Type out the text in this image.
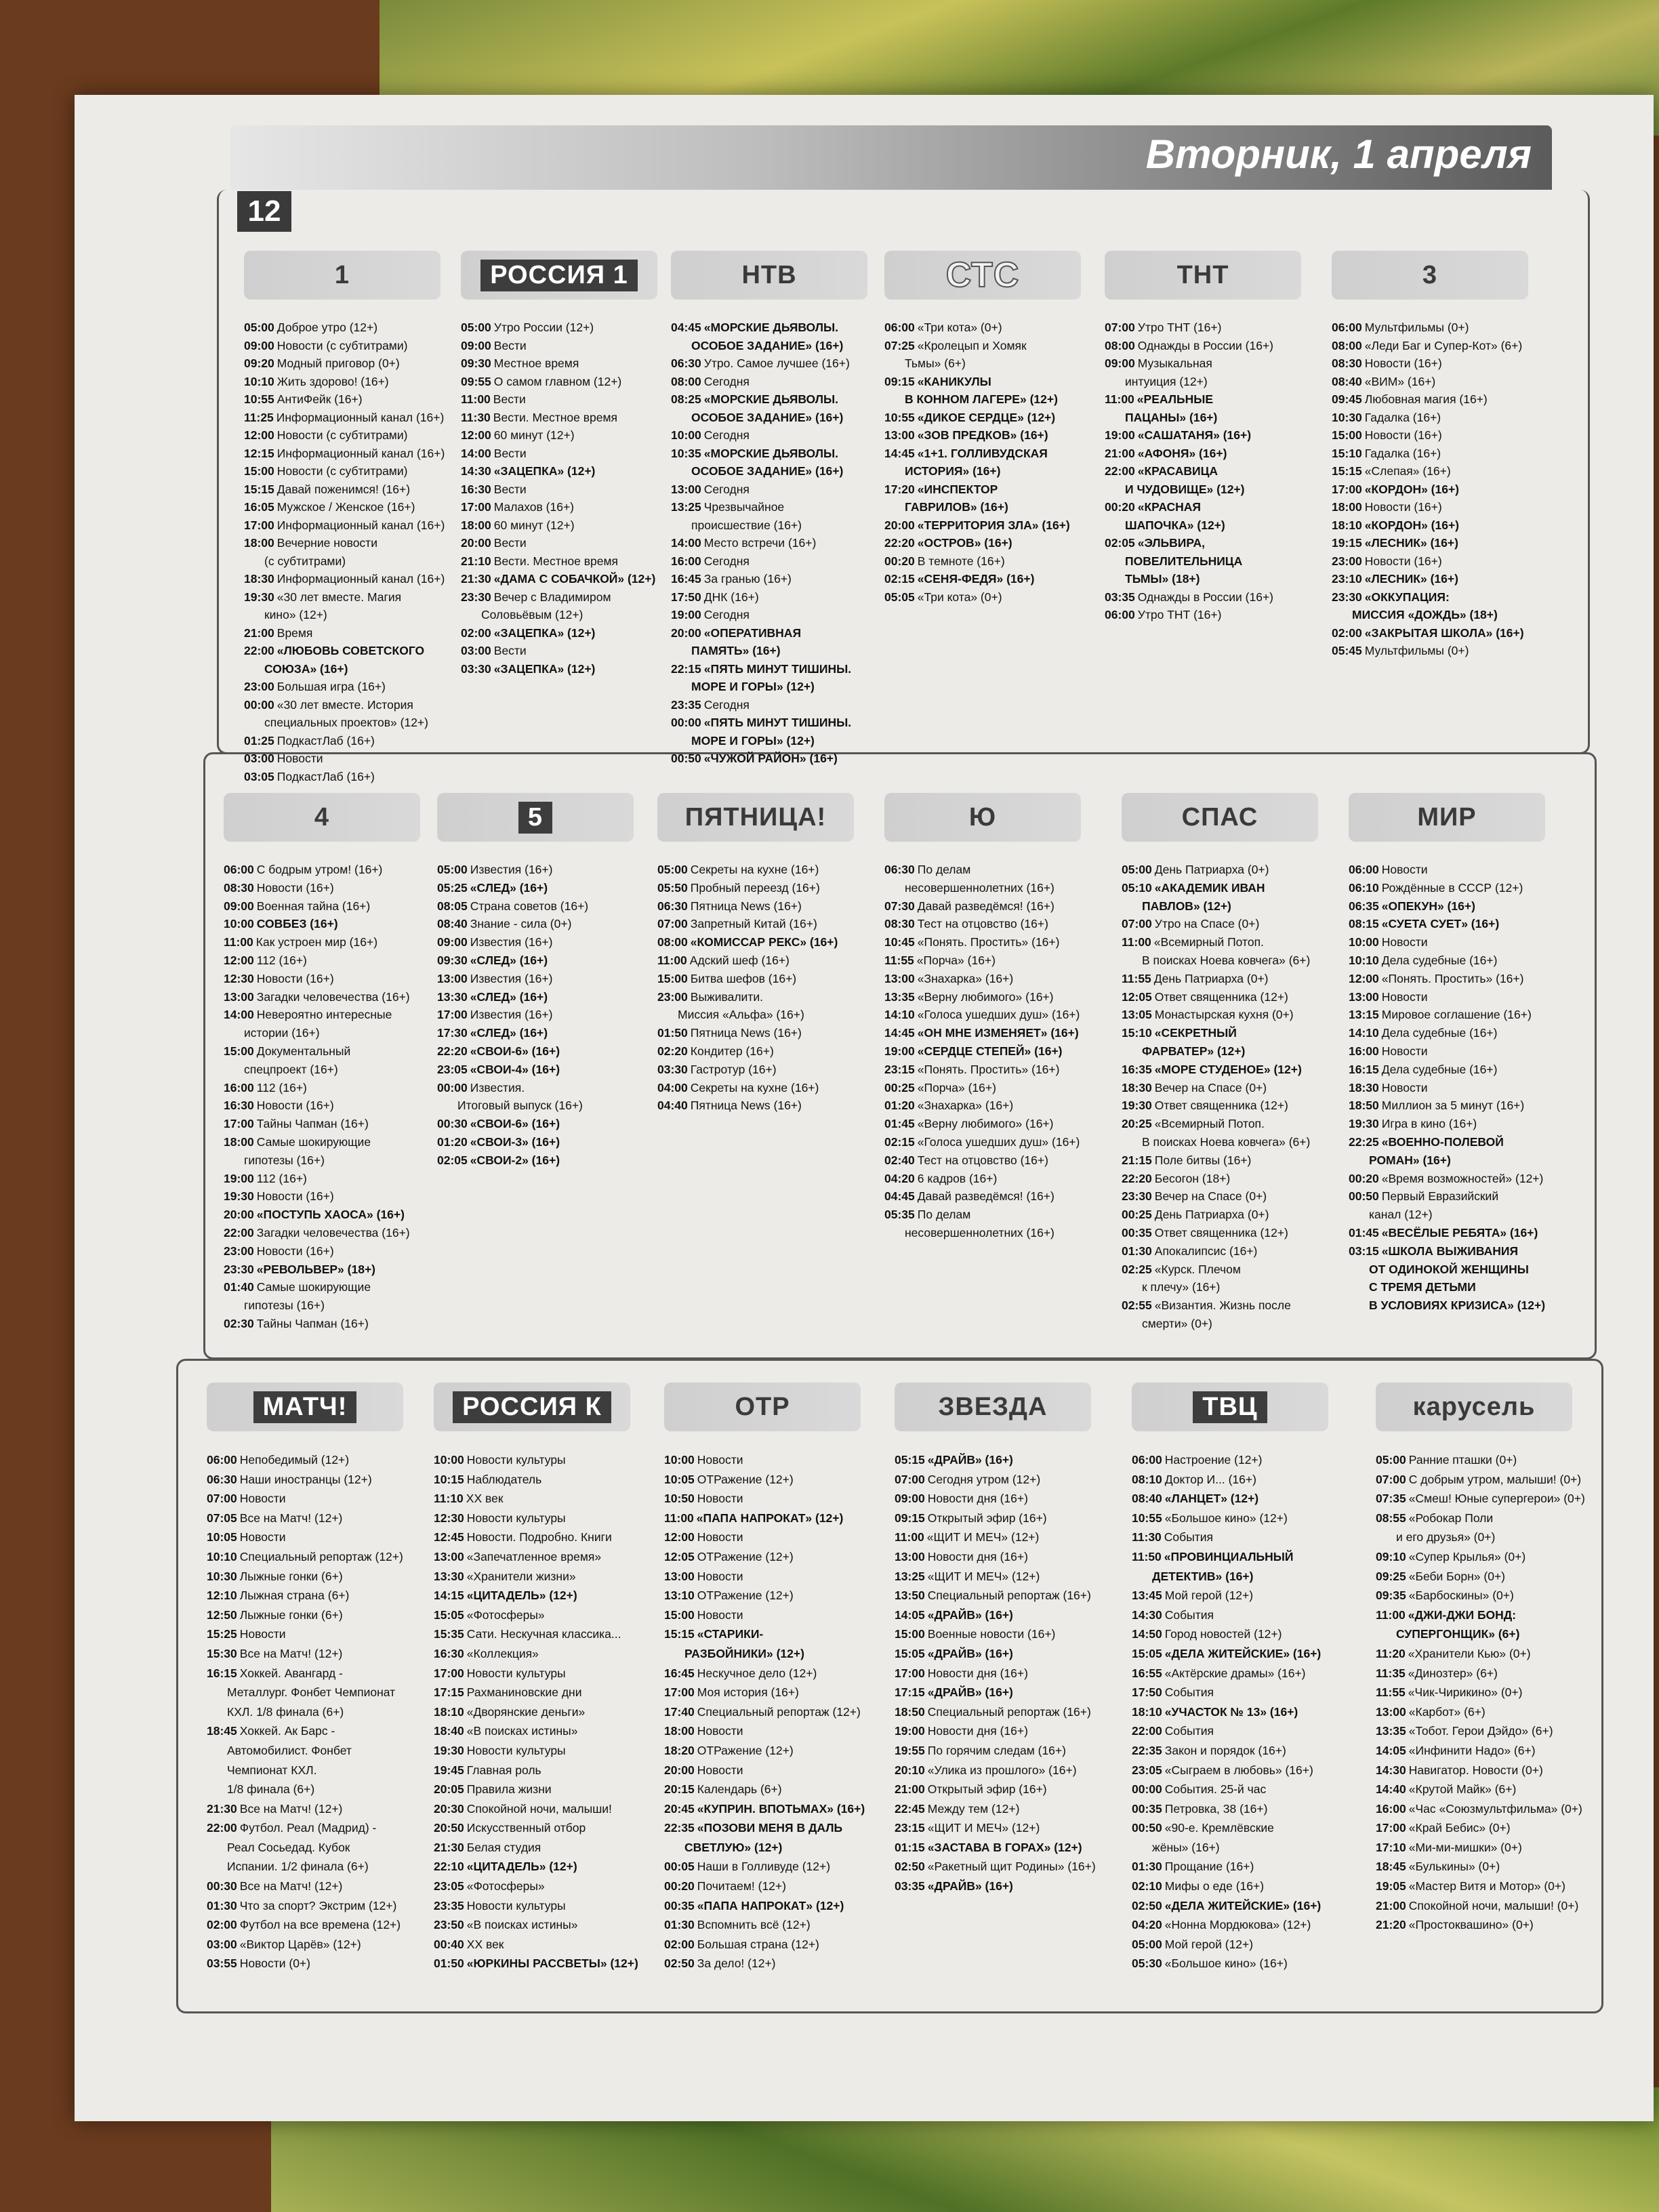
Вторник, 1 апреля
12
1
05:00 Доброе утро (12+)
09:00 Новости (с субтитрами)
09:20 Модный приговор (0+)
10:10 Жить здорово! (16+)
10:55 АнтиФейк (16+)
11:25 Информационный канал (16+)
12:00 Новости (с субтитрами)
12:15 Информационный канал (16+)
15:00 Новости (с субтитрами)
15:15 Давай поженимся! (16+)
16:05 Мужское / Женское (16+)
17:00 Информационный канал (16+)
18:00 Вечерние новости
(с субтитрами)
18:30 Информационный канал (16+)
19:30 «30 лет вместе. Магия
кино» (12+)
21:00 Время
22:00 «ЛЮБОВЬ СОВЕТСКОГО
СОЮЗА» (16+)
23:00 Большая игра (16+)
00:00 «30 лет вместе. История
специальных проектов» (12+)
01:25 ПодкастЛаб (16+)
03:00 Новости
03:05 ПодкастЛаб (16+)
РОССИЯ 1
05:00 Утро России (12+)
09:00 Вести
09:30 Местное время
09:55 О самом главном (12+)
11:00 Вести
11:30 Вести. Местное время
12:00 60 минут (12+)
14:00 Вести
14:30 «ЗАЦЕПКА» (12+)
16:30 Вести
17:00 Малахов (16+)
18:00 60 минут (12+)
20:00 Вести
21:10 Вести. Местное время
21:30 «ДАМА С СОБАЧКОЙ» (12+)
23:30 Вечер с Владимиром
Соловьёвым (12+)
02:00 «ЗАЦЕПКА» (12+)
03:00 Вести
03:30 «ЗАЦЕПКА» (12+)
НТВ
04:45 «МОРСКИЕ ДЬЯВОЛЫ.
ОСОБОЕ ЗАДАНИЕ» (16+)
06:30 Утро. Самое лучшее (16+)
08:00 Сегодня
08:25 «МОРСКИЕ ДЬЯВОЛЫ.
ОСОБОЕ ЗАДАНИЕ» (16+)
10:00 Сегодня
10:35 «МОРСКИЕ ДЬЯВОЛЫ.
ОСОБОЕ ЗАДАНИЕ» (16+)
13:00 Сегодня
13:25 Чрезвычайное
происшествие (16+)
14:00 Место встречи (16+)
16:00 Сегодня
16:45 За гранью (16+)
17:50 ДНК (16+)
19:00 Сегодня
20:00 «ОПЕРАТИВНАЯ
ПАМЯТЬ» (16+)
22:15 «ПЯТЬ МИНУТ ТИШИНЫ.
МОРЕ И ГОРЫ» (12+)
23:35 Сегодня
00:00 «ПЯТЬ МИНУТ ТИШИНЫ.
МОРЕ И ГОРЫ» (12+)
00:50 «ЧУЖОЙ РАЙОН» (16+)
СТС
06:00 «Три кота» (0+)
07:25 «Кролецып и Хомяк
Тьмы» (6+)
09:15 «КАНИКУЛЫ
В КОННОМ ЛАГЕРЕ» (12+)
10:55 «ДИКОЕ СЕРДЦЕ» (12+)
13:00 «ЗОВ ПРЕДКОВ» (16+)
14:45 «1+1. ГОЛЛИВУДСКАЯ
ИСТОРИЯ» (16+)
17:20 «ИНСПЕКТОР
ГАВРИЛОВ» (16+)
20:00 «ТЕРРИТОРИЯ ЗЛА» (16+)
22:20 «ОСТРОВ» (16+)
00:20 В темноте (16+)
02:15 «СЕНЯ-ФЕДЯ» (16+)
05:05 «Три кота» (0+)
ТНТ
07:00 Утро ТНТ (16+)
08:00 Однажды в России (16+)
09:00 Музыкальная
интуиция (12+)
11:00 «РЕАЛЬНЫЕ
ПАЦАНЫ» (16+)
19:00 «САШАТАНЯ» (16+)
21:00 «АФОНЯ» (16+)
22:00 «КРАСАВИЦА
И ЧУДОВИЩЕ» (12+)
00:20 «КРАСНАЯ
ШАПОЧКА» (12+)
02:05 «ЭЛЬВИРА,
ПОВЕЛИТЕЛЬНИЦА
ТЬМЫ» (18+)
03:35 Однажды в России (16+)
06:00 Утро ТНТ (16+)
3
06:00 Мультфильмы (0+)
08:00 «Леди Баг и Супер-Кот» (6+)
08:30 Новости (16+)
08:40 «ВИМ» (16+)
09:45 Любовная магия (16+)
10:30 Гадалка (16+)
15:00 Новости (16+)
15:10 Гадалка (16+)
15:15 «Слепая» (16+)
17:00 «КОРДОН» (16+)
18:00 Новости (16+)
18:10 «КОРДОН» (16+)
19:15 «ЛЕСНИК» (16+)
23:00 Новости (16+)
23:10 «ЛЕСНИК» (16+)
23:30 «ОККУПАЦИЯ:
МИССИЯ «ДОЖДЬ» (18+)
02:00 «ЗАКРЫТАЯ ШКОЛА» (16+)
05:45 Мультфильмы (0+)
4
06:00 С бодрым утром! (16+)
08:30 Новости (16+)
09:00 Военная тайна (16+)
10:00 СОВБЕЗ (16+)
11:00 Как устроен мир (16+)
12:00 112 (16+)
12:30 Новости (16+)
13:00 Загадки человечества (16+)
14:00 Невероятно интересные
истории (16+)
15:00 Документальный
спецпроект (16+)
16:00 112 (16+)
16:30 Новости (16+)
17:00 Тайны Чапман (16+)
18:00 Самые шокирующие
гипотезы (16+)
19:00 112 (16+)
19:30 Новости (16+)
20:00 «ПОСТУПЬ ХАОСА» (16+)
22:00 Загадки человечества (16+)
23:00 Новости (16+)
23:30 «РЕВОЛЬВЕР» (18+)
01:40 Самые шокирующие
гипотезы (16+)
02:30 Тайны Чапман (16+)
5
05:00 Известия (16+)
05:25 «СЛЕД» (16+)
08:05 Страна советов (16+)
08:40 Знание - сила (0+)
09:00 Известия (16+)
09:30 «СЛЕД» (16+)
13:00 Известия (16+)
13:30 «СЛЕД» (16+)
17:00 Известия (16+)
17:30 «СЛЕД» (16+)
22:20 «СВОИ-6» (16+)
23:05 «СВОИ-4» (16+)
00:00 Известия.
Итоговый выпуск (16+)
00:30 «СВОИ-6» (16+)
01:20 «СВОИ-3» (16+)
02:05 «СВОИ-2» (16+)
ПЯТНИЦА!
05:00 Секреты на кухне (16+)
05:50 Пробный переезд (16+)
06:30 Пятница News (16+)
07:00 Запретный Китай (16+)
08:00 «КОМИССАР РЕКС» (16+)
11:00 Адский шеф (16+)
15:00 Битва шефов (16+)
23:00 Выживалити.
Миссия «Альфа» (16+)
01:50 Пятница News (16+)
02:20 Кондитер (16+)
03:30 Гастротур (16+)
04:00 Секреты на кухне (16+)
04:40 Пятница News (16+)
Ю
06:30 По делам
несовершеннолетних (16+)
07:30 Давай разведёмся! (16+)
08:30 Тест на отцовство (16+)
10:45 «Понять. Простить» (16+)
11:55 «Порча» (16+)
13:00 «Знахарка» (16+)
13:35 «Верну любимого» (16+)
14:10 «Голоса ушедших душ» (16+)
14:45 «ОН МНЕ ИЗМЕНЯЕТ» (16+)
19:00 «СЕРДЦЕ СТЕПЕЙ» (16+)
23:15 «Понять. Простить» (16+)
00:25 «Порча» (16+)
01:20 «Знахарка» (16+)
01:45 «Верну любимого» (16+)
02:15 «Голоса ушедших душ» (16+)
02:40 Тест на отцовство (16+)
04:20 6 кадров (16+)
04:45 Давай разведёмся! (16+)
05:35 По делам
несовершеннолетних (16+)
СПАС
05:00 День Патриарха (0+)
05:10 «АКАДЕМИК ИВАН
ПАВЛОВ» (12+)
07:00 Утро на Спасе (0+)
11:00 «Всемирный Потоп.
В поисках Ноева ковчега» (6+)
11:55 День Патриарха (0+)
12:05 Ответ священника (12+)
13:05 Монастырская кухня (0+)
15:10 «СЕКРЕТНЫЙ
ФАРВАТЕР» (12+)
16:35 «МОРЕ СТУДЕНОЕ» (12+)
18:30 Вечер на Спасе (0+)
19:30 Ответ священника (12+)
20:25 «Всемирный Потоп.
В поисках Ноева ковчега» (6+)
21:15 Поле битвы (16+)
22:20 Бесогон (18+)
23:30 Вечер на Спасе (0+)
00:25 День Патриарха (0+)
00:35 Ответ священника (12+)
01:30 Апокалипсис (16+)
02:25 «Курск. Плечом
к плечу» (16+)
02:55 «Византия. Жизнь после
смерти» (0+)
МИР
06:00 Новости
06:10 Рождённые в СССР (12+)
06:35 «ОПЕКУН» (16+)
08:15 «СУЕТА СУЕТ» (16+)
10:00 Новости
10:10 Дела судебные (16+)
12:00 «Понять. Простить» (16+)
13:00 Новости
13:15 Мировое соглашение (16+)
14:10 Дела судебные (16+)
16:00 Новости
16:15 Дела судебные (16+)
18:30 Новости
18:50 Миллион за 5 минут (16+)
19:30 Игра в кино (16+)
22:25 «ВОЕННО-ПОЛЕВОЙ
РОМАН» (16+)
00:20 «Время возможностей» (12+)
00:50 Первый Евразийский
канал (12+)
01:45 «ВЕСЁЛЫЕ РЕБЯТА» (16+)
03:15 «ШКОЛА ВЫЖИВАНИЯ
ОТ ОДИНОКОЙ ЖЕНЩИНЫ
С ТРЕМЯ ДЕТЬМИ
В УСЛОВИЯХ КРИЗИСА» (12+)
МАТЧ!
06:00 Непобедимый (12+)
06:30 Наши иностранцы (12+)
07:00 Новости
07:05 Все на Матч! (12+)
10:05 Новости
10:10 Специальный репортаж (12+)
10:30 Лыжные гонки (6+)
12:10 Лыжная страна (6+)
12:50 Лыжные гонки (6+)
15:25 Новости
15:30 Все на Матч! (12+)
16:15 Хоккей. Авангард -
Металлург. Фонбет Чемпионат
КХЛ. 1/8 финала (6+)
18:45 Хоккей. Ак Барс -
Автомобилист. Фонбет
Чемпионат КХЛ.
1/8 финала (6+)
21:30 Все на Матч! (12+)
22:00 Футбол. Реал (Мадрид) -
Реал Сосьедад. Кубок
Испании. 1/2 финала (6+)
00:30 Все на Матч! (12+)
01:30 Что за спорт? Экстрим (12+)
02:00 Футбол на все времена (12+)
03:00 «Виктор Царёв» (12+)
03:55 Новости (0+)
РОССИЯ К
10:00 Новости культуры
10:15 Наблюдатель
11:10 ХХ век
12:30 Новости культуры
12:45 Новости. Подробно. Книги
13:00 «Запечатленное время»
13:30 «Хранители жизни»
14:15 «ЦИТАДЕЛЬ» (12+)
15:05 «Фотосферы»
15:35 Сати. Нескучная классика...
16:30 «Коллекция»
17:00 Новости культуры
17:15 Рахманиновские дни
18:10 «Дворянские деньги»
18:40 «В поисках истины»
19:30 Новости культуры
19:45 Главная роль
20:05 Правила жизни
20:30 Спокойной ночи, малыши!
20:50 Искусственный отбор
21:30 Белая студия
22:10 «ЦИТАДЕЛЬ» (12+)
23:05 «Фотосферы»
23:35 Новости культуры
23:50 «В поисках истины»
00:40 ХХ век
01:50 «ЮРКИНЫ РАССВЕТЫ» (12+)
ОТР
10:00 Новости
10:05 ОТРажение (12+)
10:50 Новости
11:00 «ПАПА НАПРОКАТ» (12+)
12:00 Новости
12:05 ОТРажение (12+)
13:00 Новости
13:10 ОТРажение (12+)
15:00 Новости
15:15 «СТАРИКИ-
РАЗБОЙНИКИ» (12+)
16:45 Нескучное дело (12+)
17:00 Моя история (16+)
17:40 Специальный репортаж (12+)
18:00 Новости
18:20 ОТРажение (12+)
20:00 Новости
20:15 Календарь (6+)
20:45 «КУПРИН. ВПОТЬМАХ» (16+)
22:35 «ПОЗОВИ МЕНЯ В ДАЛЬ
СВЕТЛУЮ» (12+)
00:05 Наши в Голливуде (12+)
00:20 Почитаем! (12+)
00:35 «ПАПА НАПРОКАТ» (12+)
01:30 Вспомнить всё (12+)
02:00 Большая страна (12+)
02:50 За дело! (12+)
ЗВЕЗДА
05:15 «ДРАЙВ» (16+)
07:00 Сегодня утром (12+)
09:00 Новости дня (16+)
09:15 Открытый эфир (16+)
11:00 «ЩИТ И МЕЧ» (12+)
13:00 Новости дня (16+)
13:25 «ЩИТ И МЕЧ» (12+)
13:50 Специальный репортаж (16+)
14:05 «ДРАЙВ» (16+)
15:00 Военные новости (16+)
15:05 «ДРАЙВ» (16+)
17:00 Новости дня (16+)
17:15 «ДРАЙВ» (16+)
18:50 Специальный репортаж (16+)
19:00 Новости дня (16+)
19:55 По горячим следам (16+)
20:10 «Улика из прошлого» (16+)
21:00 Открытый эфир (16+)
22:45 Между тем (12+)
23:15 «ЩИТ И МЕЧ» (12+)
01:15 «ЗАСТАВА В ГОРАХ» (12+)
02:50 «Ракетный щит Родины» (16+)
03:35 «ДРАЙВ» (16+)
ТВЦ
06:00 Настроение (12+)
08:10 Доктор И... (16+)
08:40 «ЛАНЦЕТ» (12+)
10:55 «Большое кино» (12+)
11:30 События
11:50 «ПРОВИНЦИАЛЬНЫЙ
ДЕТЕКТИВ» (16+)
13:45 Мой герой (12+)
14:30 События
14:50 Город новостей (12+)
15:05 «ДЕЛА ЖИТЕЙСКИЕ» (16+)
16:55 «Актёрские драмы» (16+)
17:50 События
18:10 «УЧАСТОК № 13» (16+)
22:00 События
22:35 Закон и порядок (16+)
23:05 «Сыграем в любовь» (16+)
00:00 События. 25-й час
00:35 Петровка, 38 (16+)
00:50 «90-е. Кремлёвские
жёны» (16+)
01:30 Прощание (16+)
02:10 Мифы о еде (16+)
02:50 «ДЕЛА ЖИТЕЙСКИЕ» (16+)
04:20 «Нонна Мордюкова» (12+)
05:00 Мой герой (12+)
05:30 «Большое кино» (16+)
карусель
05:00 Ранние пташки (0+)
07:00 С добрым утром, малыши! (0+)
07:35 «Смеш! Юные супергерои» (0+)
08:55 «Робокар Поли
и его друзья» (0+)
09:10 «Супер Крылья» (0+)
09:25 «Беби Борн» (0+)
09:35 «Барбоскины» (0+)
11:00 «ДЖИ-ДЖИ БОНД:
СУПЕРГОНЩИК» (6+)
11:20 «Хранители Кью» (0+)
11:35 «Динозтер» (6+)
11:55 «Чик-Чирикино» (0+)
13:00 «Карбот» (6+)
13:35 «Тобот. Герои Дэйдо» (6+)
14:05 «Инфинити Надо» (6+)
14:30 Навигатор. Новости (0+)
14:40 «Крутой Майк» (6+)
16:00 «Час «Союзмультфильма» (0+)
17:00 «Край Бебис» (0+)
17:10 «Ми-ми-мишки» (0+)
18:45 «Булькины» (0+)
19:05 «Мастер Витя и Мотор» (0+)
21:00 Спокойной ночи, малыши! (0+)
21:20 «Простоквашино» (0+)
